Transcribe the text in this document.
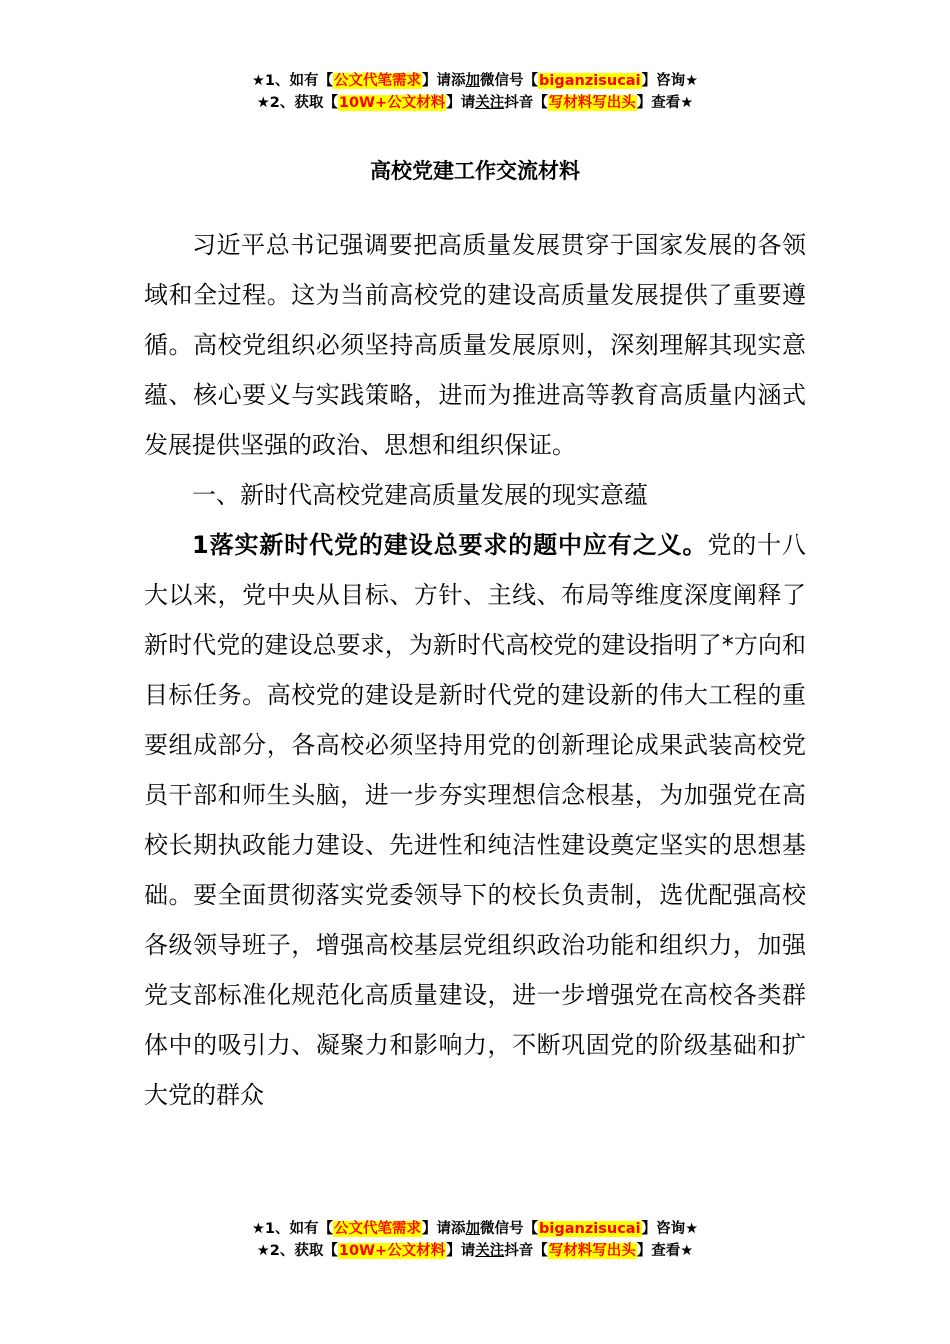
★1、如有【公文代笔需求】请添加微信号【biganzisucai】咨询★
★2、获取【10W+公文材料】请关注抖音【写材料写出头】查看★
高校党建工作交流材料

习近平总书记强调要把高质量发展贯穿于国家发展的各领域和全过程。这为当前高校党的建设高质量发展提供了重要遵循。高校党组织必须坚持高质量发展原则，深刻理解其现实意蕴、核心要义与实践策略，进而为推进高等教育高质量内涵式发展提供坚强的政治、思想和组织保证。

一、新时代高校党建高质量发展的现实意蕴

1落实新时代党的建设总要求的题中应有之义。党的十八大以来，党中央从目标、方针、主线、布局等维度深度阐释了新时代党的建设总要求，为新时代高校党的建设指明了*方向和目标任务。高校党的建设是新时代党的建设新的伟大工程的重要组成部分，各高校必须坚持用党的创新理论成果武装高校党员干部和师生头脑，进一步夯实理想信念根基，为加强党在高校长期执政能力建设、先进性和纯洁性建设奠定坚实的思想基础。要全面贯彻落实党委领导下的校长负责制，选优配强高校各级领导班子，增强高校基层党组织政治功能和组织力，加强党支部标准化规范化高质量建设，进一步增强党在高校各类群体中的吸引力、凝聚力和影响力，不断巩固党的阶级基础和扩大党的群众

★1、如有【公文代笔需求】请添加微信号【biganzisucai】咨询★
★2、获取【10W+公文材料】请关注抖音【写材料写出头】查看★
